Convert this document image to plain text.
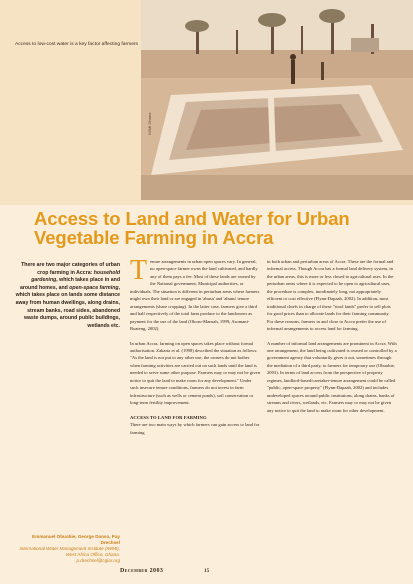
Access to low-cost water is a key factor affecting farmers
IWMI Ghana
Access to Land and Water for Urban Vegetable Farming in Accra
There are two major categories of urban crop farming in Accra: household gardening, which takes place in and around homes, and open-space farming, which takes place on lands some distance away from human dwellings, along drains, stream banks, road sides, abandoned waste dumps, around public buildings, wetlands etc.
Emmanuel Obuobie, George Danso, Pay Drechsel
International Water Management Institute (IWMI), West Africa Office, Ghana.
p.drechsel@cgiar.org

Tenure arrangements in urban open spaces vary. In general, no open-space farmer owns the land cultivated, and hardly any of them pays a fee. Most of these lands are owned by the National government, Municipal authorities, or individuals. The situation is different in periurban areas where farmers might own their land or are engaged in 'abusa' and 'abunu' tenure arrangements (share cropping). In the latter case, farmers give a third and half respectively of the total farm produce to the landowner as payment for the use of the land (Okoru-Mansah, 1999; Asomani-Boateng, 2002).

In urban Accra, farming on open spaces takes place without formal authorisation. Zakaria et al. (1998) described the situation as follows: "As the land is not put to any other use, the owners do not bother when farming activities are carried out on such lands until the land is needed to serve some other purpose. Farmers may or may not be given notice to quit the land to make room for any development." Under such insecure tenure conditions, farmers do not invest in farm infrastructure (such as wells or cement ponds), soil conservation or long-term fertility improvement.

ACCESS TO LAND FOR FARMING
There are two main ways by which farmers can gain access to land for farming

in both urban and periurban areas of Accra. These are the formal and informal access. Though Accra has a formal land delivery system, in the urban areas, this is more or less closed to agricultural uses. In the periurban areas where it is expected to be open to agricultural uses, the procedure is complex, inordinately long, not appropriately efficient or cost effective (Flynn-Dapaah, 2002). In addition, most traditional chiefs in charge of these "stool lands" prefer to sell plots for good prices than to allocate lands for their farming community. For these reasons, farmers in and close to Accra prefer the use of informal arrangements to access land for farming.

A number of informal land arrangements are prominent in Accra. With one arrangement, the land being cultivated is owned or controlled by a government agency that voluntarily gives it out, sometimes through the mediation of a third party, to farmers for temporary use (Obuobie, 2003). In terms of land access from the perspective of property regimes, landlord-based/caretaker-tenure arrangement could be called "public, open-space property" (Flynn-Dapaah, 2002) and includes undeveloped spaces around public institutions, along drains, banks of streams and rivers, wetlands, etc. Farmers may or may not be given any notice to quit the land to make room for other development.

December 2003	15
